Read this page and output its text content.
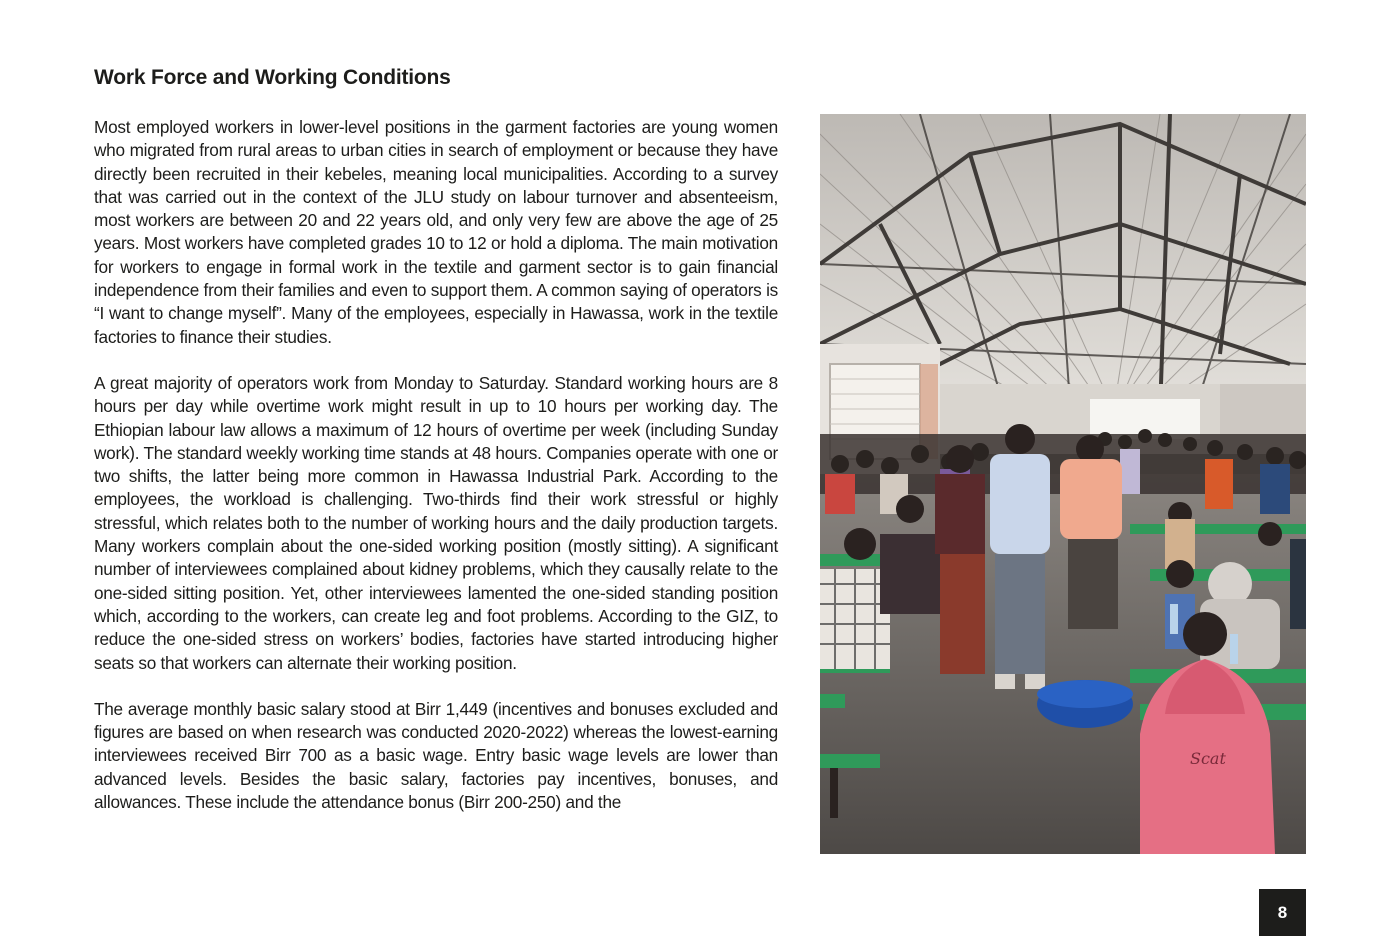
Work Force and Working Conditions

Most employed workers in lower-level positions in the garment factories are young women who migrated from rural areas to urban cities in search of employment or because they have directly been recruited in their kebeles, meaning local municipalities. According to a survey that was carried out in the context of the JLU study on labour turnover and absenteeism, most workers are between 20 and 22 years old, and only very few are above the age of 25 years. Most workers have completed grades 10 to 12 or hold a diploma. The main motivation for workers to engage in formal work in the textile and garment sector is to gain financial independence from their families and even to support them. A common saying of operators is “I want to change myself”. Many of the employees, especially in Hawassa, work in the textile factories to finance their studies.

A great majority of operators work from Monday to Saturday. Standard working hours are 8 hours per day while overtime work might result in up to 10 hours per working day. The Ethiopian labour law allows a maximum of 12 hours of overtime per week (including Sunday work). The standard weekly working time stands at 48 hours. Companies operate with one or two shifts, the latter being more common in Hawassa Industrial Park. According to the employees, the workload is challenging. Two-thirds find their work stressful or highly stressful, which relates both to the number of working hours and the daily production targets. Many workers complain about the one-sided working position (mostly sitting). A significant number of interviewees complained about kidney problems, which they causally relate to the one-sided sitting position. Yet, other interviewees lamented the one-sided standing position which, according to the workers, can create leg and foot problems. According to the GIZ, to reduce the one-sided stress on workers’ bodies, factories have started introducing higher seats so that workers can alternate their working position.

The average monthly basic salary stood at Birr 1,449 (incentives and bonuses excluded and figures are based on when research was conducted 2020-2022) whereas the lowest-earning interviewees received Birr 700 as a basic wage. Entry basic wage levels are lower than advanced levels. Besides the basic salary, factories pay incentives, bonuses, and allowances. These include the attendance bonus (Birr 200-250) and the

Scat
8
